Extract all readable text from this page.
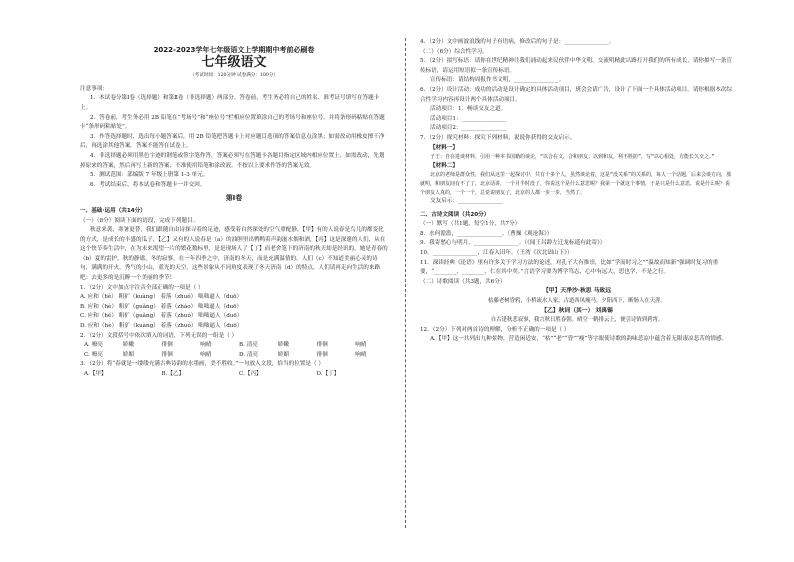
2022-2023学年七年级语文上学期期中考前必刷卷
七年级语文
（考试时间：120分钟 试卷满分：100分）
注意事项：
1．本试卷分第Ⅰ卷（选择题）和第Ⅱ卷（非选择题）两部分。答卷前，考生务必将自己的姓名、准考证号填写在答题卡上。
2．答卷前，考生务必用 2B 铅笔在“考场号”和“座位号”栏相应位置填涂自己的考场号和座位号。并将条形码粘贴在答题卡“条形码粘贴处”。
3．作答选择题时，选出每小题答案后，用 2B 铅笔把答题卡上对应题目选项的答案信息点涂黑；如需改动用橡皮擦干净后，再选涂其他答案。答案不能答在试卷上。
4．非选择题必须用黑色字迹的钢笔或签字笔作答，答案必须写在答题卡各题目指定区域内相应位置上；如需改动，先划掉原来的答案，然后再写上新的答案；不准使用铅笔和涂改液。不按以上要求作答的答案无效。
5．测试范围：部编版 7 年级上册第 1-3 单元。
6．考试结束后，将本试卷和答题卡一并交回。
第Ⅰ卷
一、基础·运用（共14分）
（一）（8分）阅读下面的语段，完成下列题目。
秋意来袭，寒暑更替，我们跟随自由诗探寻着的足迹，感受着自然深处的空气重配静，【甲】有的人说春是鸟儿的都变化的方式，是成长的丰盛的瓜子，【乙】又有的人说春是（a）的油胆里出鸭鸭着声韵滋水烟和酒，【丙】这是深邃的人们，从在这个快节奏生活中，在为未来渴望一片的繁花数标里，是是现场人了【丁】而老舍笔下的济南的秋天却是经讯的，她是青春的（b）夏的雷护，秋的静谧，冬的寂寥，在一年四季之中，济南的冬天，而是充满温情的。人们（c）不知道美丽心灵的诗句，满满的开火，秀气的小山，蓝光的天空，这些景象从不同角度表现了冬天济南（d）的特点，人们请再走向生活的来路吧：去更多的是沉醉一个美丽的季节！
1．（2分）文中加点字注音全部正确的一项是（ ）
A. 应和（hè） 粗犷（kuàng） 着落（zhuó） 咄咄逼人（duō）
B. 应和（hè） 粗犷（guǎng） 着落（zháo） 咄咄逼人（duō）
C. 应和（hé） 粗犷（guǎng） 着落（zhuó） 咄咄逼人（duō）
D. 应和（hè） 粗犷（kuàng） 着落（zhuó） 咄咄逼人（duō）
2．（2分）文段括号中依次填入的词语，下列无误的一组是（ ）
A. 嘹亮	娇嫩	徘徊	响晴	B. 清亮	娇嫩	徘徊	响晴
C. 嘹亮	娇媚	徘徊	响晴	D. 清亮	娇媚	徘徊	响晴
3．（2分）将“春就是一缕缕充满古典诗韵的水墨画，美不胜收。”一句放入文段，恰当的位置是（ ）
A.【甲】	B.【乙】	C.【丙】	D.【丁】
4．（2分）文中画波浪线的句子有语病，修改后的句子是：________________。
（二）（6分）综合性学习。
5．（2分）拟写标语：请你在世纪精神让我们涌动起来民伙伴中华文明，交流明精此认路打开我们的所有成长，请你拟写一条宣传标语，请运用短语拟一条宣传标语。
宣传标语：请结构周报作书文明，________________。
6．（2分）设计活动：成功的活动是设计确定的具体活动项目，班会会请广告，设计了下面一个具体活动项目。请你根据本次综合性学习内容再设计两个具体活动项目。
活动项目：1．畅谈交友之道。
活动项目1：________________
活动项目2：________________
7．（2分）探究材料：探究下列材料，说说你获得的交友启示。
【材料一】
子王：自在进谈材料，引用一种本书国籍的谈论，“以合在文，合和朋友；以到和友，利不胜防”，写“以心相处，方能长久交之。”
【材料二】
北京的老师是群众性，我们从这里一起探讨中，共有十多个人，虽然谈论着，这是“没关系”的关系的，每人一个话题，后来会谈方向，那就明，和朋友间有不了了，北京话讲，一个月半时没了，你说这个是什么意思呢？我第一个就这个事情，于是只是什么意思，说是什么呢？说个朋友人真的，一个一个，总觉说朋友了，北京的人都一步一步，当然了。
交友启示：________________
二、古诗文阅读（共20分）
（一）默写（共1题，每空1分，共7分）
8．水何澹澹，________________。（曹操《观沧海》）
9．我寄愁心与明月，________________。（《闻王昌龄左迁龙标遥有此寄》）
10．________________，江春入旧年。（王湾《次北固山下》）
11．深读经典《论语》里有许多关于学习方法的论述，对孔子大有推崇，比如“学而时习之”“温故而知新”强调时复习的重要，“________，________，仁在其中矣。”言语学习要为博学笃志，心中有远大，思也学，不是之行。
（二）诗歌阅读（共3题，共6分）
【甲】天净沙·秋思 马致远
枯藤老树昏鸦，小桥流水人家，古道西风瘦马。夕阳西下，断肠人在天涯。
【乙】秋词（其一） 刘禹锡
自古逢秋悲寂寥，我言秋日胜春朝。晴空一鹤排云上，便引诗情到碧霄。
12．（2分）下列对两首诗的理解，分析不正确的一项是（ ）
A.【甲】这一共列出九种景物，营造闲适安，“枯”“老”“昏”“瘦”等字眼使诗歌的韵味悲凉中蕴含着无限凄凉悲苦的情感。
